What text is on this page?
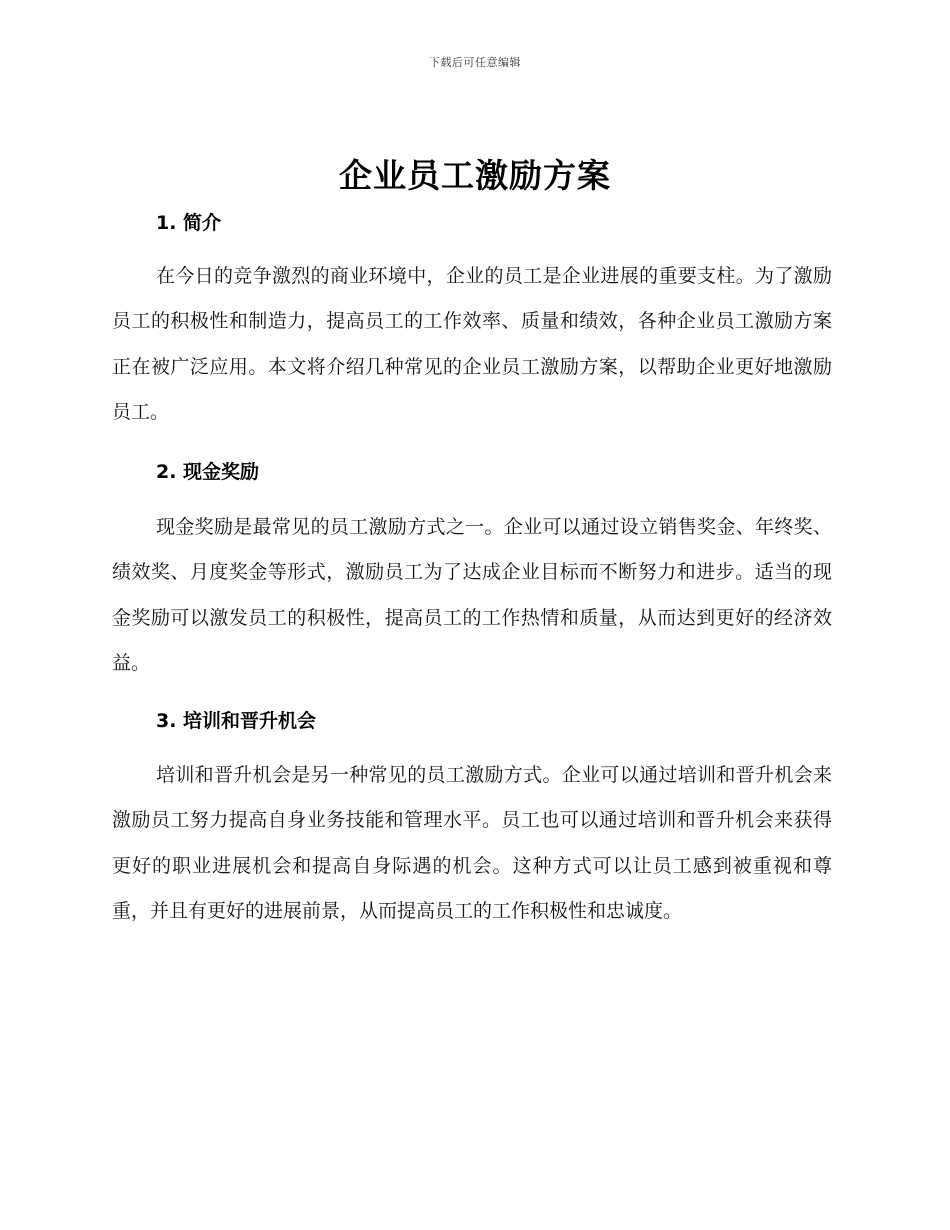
下载后可任意编辑
企业员工激励方案
1. 简介

在今日的竞争激烈的商业环境中，企业的员工是企业进展的重要支柱。为了激励员工的积极性和制造力，提高员工的工作效率、质量和绩效，各种企业员工激励方案正在被广泛应用。本文将介绍几种常见的企业员工激励方案，以帮助企业更好地激励员工。

2. 现金奖励

现金奖励是最常见的员工激励方式之一。企业可以通过设立销售奖金、年终奖、绩效奖、月度奖金等形式，激励员工为了达成企业目标而不断努力和进步。适当的现金奖励可以激发员工的积极性，提高员工的工作热情和质量，从而达到更好的经济效益。

3. 培训和晋升机会

培训和晋升机会是另一种常见的员工激励方式。企业可以通过培训和晋升机会来激励员工努力提高自身业务技能和管理水平。员工也可以通过培训和晋升机会来获得更好的职业进展机会和提高自身际遇的机会。这种方式可以让员工感到被重视和尊重，并且有更好的进展前景，从而提高员工的工作积极性和忠诚度。
